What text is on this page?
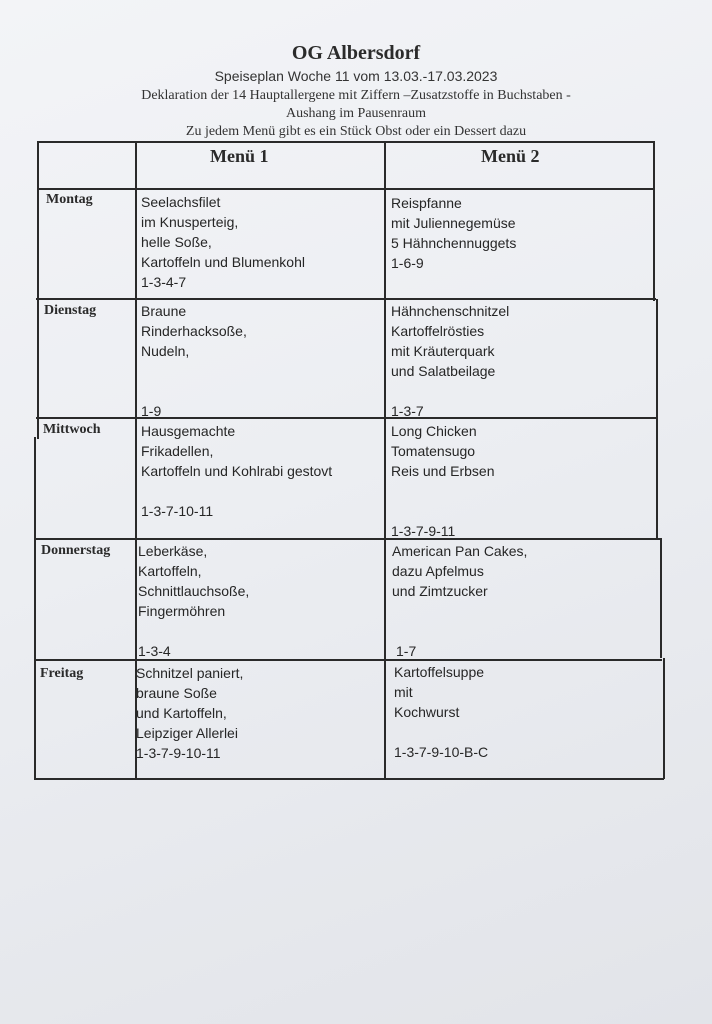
OG Albersdorf
Speiseplan Woche 11 vom 13.03.-17.03.2023
Deklaration der 14 Hauptallergene mit Ziffern –Zusatzstoffe in Buchstaben -
Aushang im Pausenraum
Zu jedem Menü gibt es ein Stück Obst oder ein Dessert dazu
Menü 1	Menü 2
Montag
Dienstag
Mittwoch
Donnerstag
Freitag
Seelachsfilet
im Knusperteig,
helle Soße,
Kartoffeln und Blumenkohl
1-3-4-7
Reispfanne
mit Juliennegemüse
5 Hähnchennuggets
1-6-9
Braune
Rinderhacksoße,
Nudeln,
1-9
Hähnchenschnitzel
Kartoffelrösties
mit Kräuterquark
und Salatbeilage
1-3-7
Hausgemachte
Frikadellen,
Kartoffeln und Kohlrabi gestovt
1-3-7-10-11
Long Chicken
Tomatensugo
Reis und Erbsen
1-3-7-9-11
Leberkäse,
Kartoffeln,
Schnittlauchsoße,
Fingermöhren
1-3-4
American Pan Cakes,
dazu Apfelmus
und Zimtzucker
1-7
Schnitzel paniert,
braune Soße
und Kartoffeln,
Leipziger Allerlei
1-3-7-9-10-11
Kartoffelsuppe
mit
Kochwurst
1-3-7-9-10-B-C
